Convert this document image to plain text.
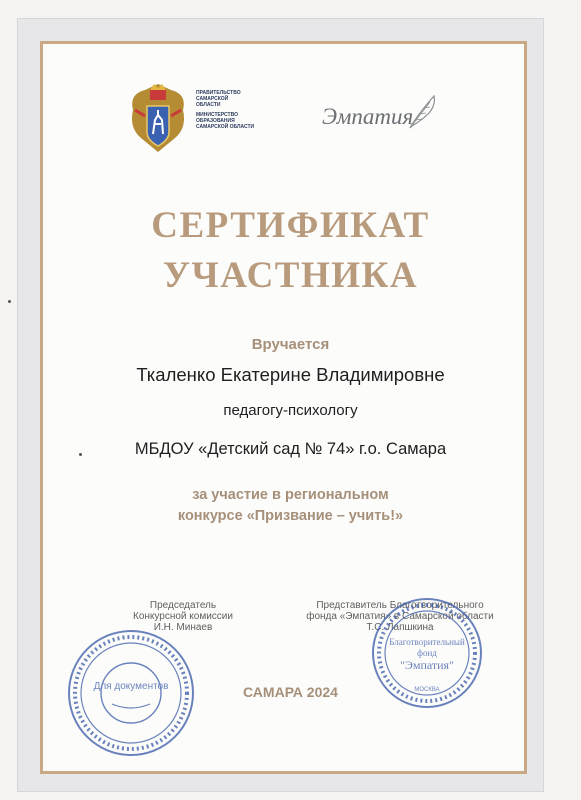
ПРАВИТЕЛЬСТВО
САМАРСКОЙ
ОБЛАСТИ
МИНИСТЕРСТВО
ОБРАЗОВАНИЯ
САМАРСКОЙ ОБЛАСТИ	Эмпатия
СЕРТИФИКАТ
УЧАСТНИКА
Вручается
Ткаленко Екатерине Владимировне
педагогу-психологу
МБДОУ «Детский сад № 74» г.о. Самара
за участие в региональном
конкурсе «Призвание – учить!»
Председатель
Конкурсной комиссии
И.Н. Минаев
Представитель Благотворительного
фонда «Эмпатия» в Самарской области
Т.С. Лапшкина
САМАРА 2024
Для документов
Благотворительный
фонд
"Эмпатия"
МОСКВА
